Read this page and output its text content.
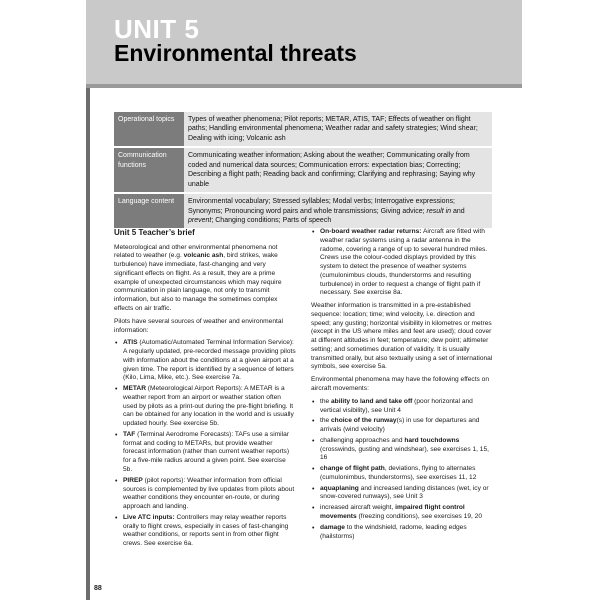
UNIT 5
Environmental threats
Operational topics	Types of weather phenomena; Pilot reports; METAR, ATIS, TAF; Effects of weather on flight paths; Handling environmental phenomena; Weather radar and safety strategies; Wind shear; Dealing with icing; Volcanic ash
Communication functions	Communicating weather information; Asking about the weather; Communicating orally from coded and numerical data sources; Communication errors: expectation bias; Correcting; Describing a flight path; Reading back and confirming; Clarifying and rephrasing; Saying why unable
Language content	Environmental vocabulary; Stressed syllables; Modal verbs; Interrogative expressions; Synonyms; Pronouncing word pairs and whole transmissions; Giving advice; result in and prevent; Changing conditions; Parts of speech
Unit 5 Teacher’s brief

Meteorological and other environmental phenomena not related to weather (e.g. volcanic ash, bird strikes, wake turbulence) have immediate, fast-changing and very significant effects on flight. As a result, they are a prime example of unexpected circumstances which may require communication in plain language, not only to transmit information, but also to manage the sometimes complex effects on air traffic.

Pilots have several sources of weather and environmental information:

• ATIS (Automatic/Automated Terminal Information Service): A regularly updated, pre-recorded message providing pilots with information about the conditions at a given airport at a given time. The report is identified by a sequence of letters (Kilo, Lima, Mike, etc.). See exercise 7a.
• METAR (Meteorological Airport Reports): A METAR is a weather report from an airport or weather station often used by pilots as a print-out during the pre-flight briefing. It can be obtained for any location in the world and is usually updated hourly. See exercise 5b.
• TAF (Terminal Aerodrome Forecasts): TAFs use a similar format and coding to METARs, but provide weather forecast information (rather than current weather reports) for a five-mile radius around a given point. See exercise 5b.
• PIREP (pilot reports): Weather information from official sources is complemented by live updates from pilots about weather conditions they encounter en-route, or during approach and landing.
• Live ATC inputs: Controllers may relay weather reports orally to flight crews, especially in cases of fast-changing weather conditions, or reports sent in from other flight crews. See exercise 6a.
• On-board weather radar returns: Aircraft are fitted with weather radar systems using a radar antenna in the radome, covering a range of up to several hundred miles. Crews use the colour-coded displays provided by this system to detect the presence of weather systems (cumulonimbus clouds, thunderstorms and resulting turbulence) in order to request a change of flight path if necessary. See exercise 8a.

Weather information is transmitted in a pre-established sequence: location; time; wind velocity, i.e. direction and speed; any gusting; horizontal visibility in kilometres or metres (except in the US where miles and feet are used); cloud cover at different altitudes in feet; temperature; dew point; altimeter setting; and sometimes duration of validity. It is usually transmitted orally, but also textually using a set of international symbols, see exercise 5a.

Environmental phenomena may have the following effects on aircraft movements:

• the ability to land and take off (poor horizontal and vertical visibility), see Unit 4
• the choice of the runway(s) in use for departures and arrivals (wind velocity)
• challenging approaches and hard touchdowns (crosswinds, gusting and windshear), see exercises 1, 15, 16
• change of flight path, deviations, flying to alternates (cumulonimbus, thunderstorms), see exercises 11, 12
• aquaplaning and increased landing distances (wet, icy or snow-covered runways), see Unit 3
• increased aircraft weight, impaired flight control movements (freezing conditions), see exercises 19, 20
• damage to the windshield, radome, leading edges (hailstorms)
88
